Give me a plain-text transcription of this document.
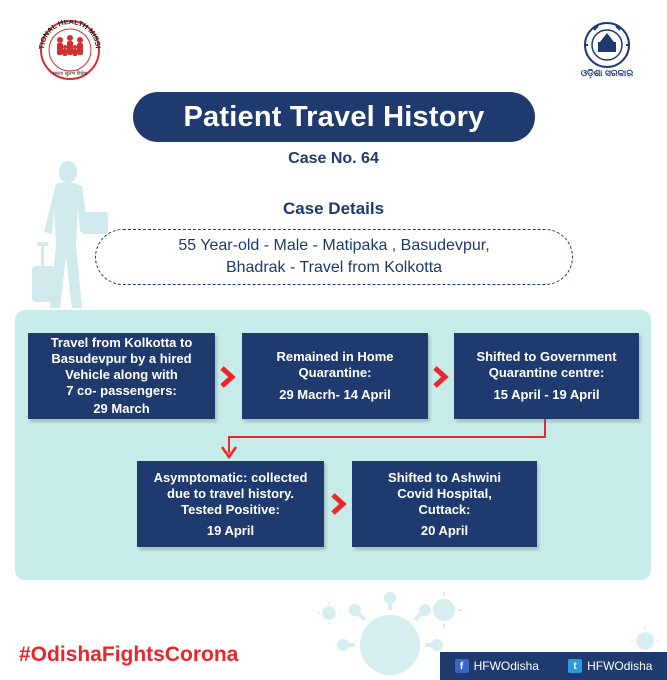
TIONAL HEALTH MISSI
समता सुलभ विवेक	ଓଡ଼ିଶା ସରକାର
Patient Travel History
Case No. 64
Case Details
55 Year-old - Male - Matipaka , Basudevpur,
Bhadrak - Travel from Kolkotta
Travel from Kolkotta to
Basudevpur by a hired
Vehicle along with
7 co- passengers:
29 March
Remained in Home
Quarantine:
29 Macrh- 14 April
Shifted to Government
Quarantine centre:
15 April - 19 April
Asymptomatic: collected
due to travel history.
Tested Positive:
19 April
Shifted to Ashwini
Covid Hospital,
Cuttack:
20 April
#OdishaFightsCorona	f HFWOdisha	t HFWOdisha
